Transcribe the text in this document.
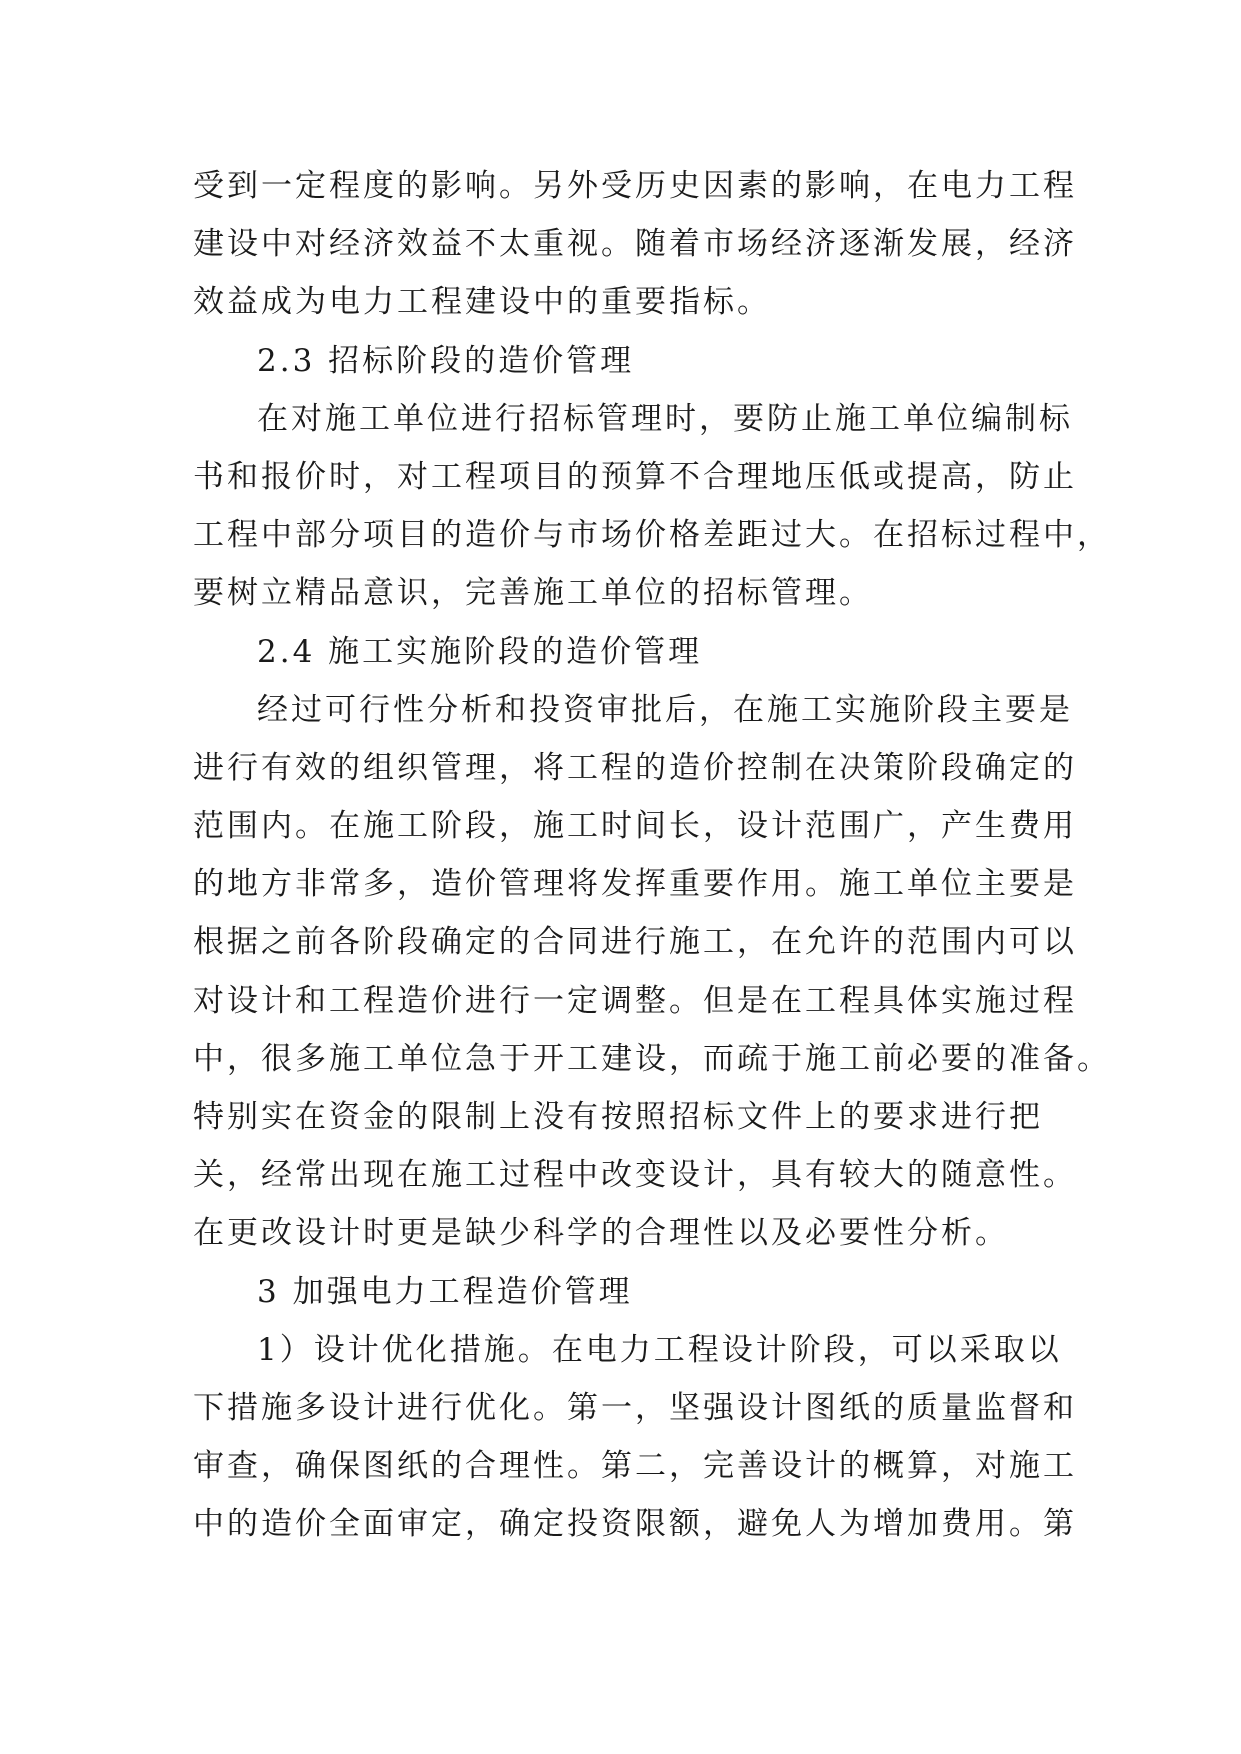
受到一定程度的影响。另外受历史因素的影响，在电力工程
建设中对经济效益不太重视。随着市场经济逐渐发展，经济
效益成为电力工程建设中的重要指标。
2.3 招标阶段的造价管理
在对施工单位进行招标管理时，要防止施工单位编制标
书和报价时，对工程项目的预算不合理地压低或提高，防止
工程中部分项目的造价与市场价格差距过大。在招标过程中，
要树立精品意识，完善施工单位的招标管理。
2.4 施工实施阶段的造价管理
经过可行性分析和投资审批后，在施工实施阶段主要是
进行有效的组织管理，将工程的造价控制在决策阶段确定的
范围内。在施工阶段，施工时间长，设计范围广，产生费用
的地方非常多，造价管理将发挥重要作用。施工单位主要是
根据之前各阶段确定的合同进行施工，在允许的范围内可以
对设计和工程造价进行一定调整。但是在工程具体实施过程
中，很多施工单位急于开工建设，而疏于施工前必要的准备。
特别实在资金的限制上没有按照招标文件上的要求进行把
关，经常出现在施工过程中改变设计，具有较大的随意性。
在更改设计时更是缺少科学的合理性以及必要性分析。
3 加强电力工程造价管理
1）设计优化措施。在电力工程设计阶段，可以采取以
下措施多设计进行优化。第一，坚强设计图纸的质量监督和
审查，确保图纸的合理性。第二，完善设计的概算，对施工
中的造价全面审定，确定投资限额，避免人为增加费用。第
